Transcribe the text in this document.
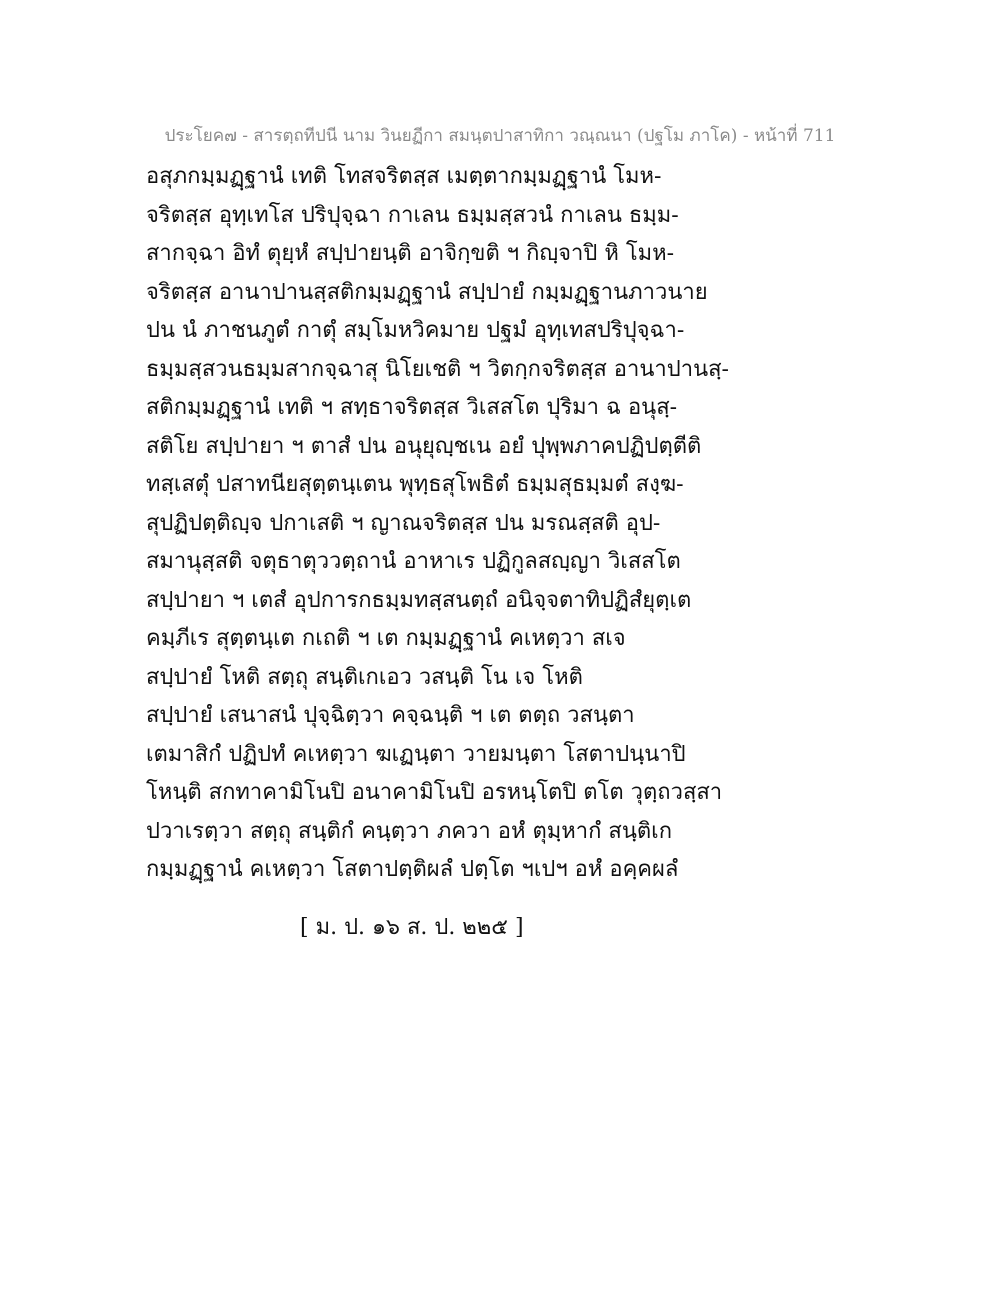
ประโยค๗ - สารตฺถทีปนี นาม วินยฏีกา สมนฺตปาสาทิกา วณฺณนา (ปฐโม ภาโค) - หน้าที่ 711
อสุภกมฺมฏฺฐานํ เทติ โทสจริตสฺส เมตฺตากมฺมฏฺฐานํ โมห-
จริตสฺส อุทฺเทโส ปริปุจฺฉา กาเลน ธมฺมสฺสวนํ กาเลน ธมฺม-
สากจฺฉา อิทํ ตุยฺหํ สปฺปายนฺติ อาจิกฺขติ ฯ กิญฺจาปิ หิ โมห-
จริตสฺส อานาปานสฺสติกมฺมฏฺฐานํ สปฺปายํ กมฺมฏฺฐานภาวนาย
ปน นํ ภาชนภูตํ กาตุํ สมฺโมหวิคมาย ปฐมํ อุทฺเทสปริปุจฺฉา-
ธมฺมสฺสวนธมฺมสากจฺฉาสุ นิโยเชติ ฯ วิตกฺกจริตสฺส อานาปานสฺ-
สติกมฺมฏฺฐานํ เทติ ฯ สทฺธาจริตสฺส วิเสสโต ปุริมา ฉ อนุสฺ-
สติโย สปฺปายา ฯ ตาสํ ปน อนุยุญฺชเน อยํ ปุพฺพภาคปฏิปตฺตีติ
ทสฺเสตุํ ปสาทนียสุตฺตนฺเตน พุทฺธสุโพธิตํ ธมฺมสุธมฺมตํ สงฺฆ-
สุปฏิปตฺติญฺจ ปกาเสติ ฯ ญาณจริตสฺส ปน มรณสฺสติ อุป-
สมานุสฺสติ จตุธาตุววตฺถานํ อาหาเร ปฏิกูลสญฺญา วิเสสโต
สปฺปายา ฯ เตสํ อุปการกธมฺมทสฺสนตฺถํ อนิจฺจตาทิปฏิสํยุตฺเต
คมฺภีเร สุตฺตนฺเต กเถติ ฯ เต กมฺมฏฺฐานํ คเหตฺวา สเจ
สปฺปายํ โหติ สตฺถุ สนฺติเกเอว วสนฺติ โน เจ โหติ
สปฺปายํ เสนาสนํ ปุจฺฉิตฺวา คจฺฉนฺติ ฯ เต ตตฺถ วสนฺตา
เตมาสิกํ ปฏิปทํ คเหตฺวา ฆเฏนฺตา วายมนฺตา โสตาปนฺนาปิ
โหนฺติ สกทาคามิโนปิ อนาคามิโนปิ อรหนฺโตปิ ตโต วุตฺถวสฺสา
ปวาเรตฺวา สตฺถุ สนฺติกํ คนฺตฺวา ภควา อหํ ตุมฺหากํ สนฺติเก
กมฺมฏฺฐานํ คเหตฺวา โสตาปตฺติผลํ ปตฺโต ฯเปฯ อหํ อคฺคผลํ
[ ม. ป. ๑๖ ส. ป. ๒๒๕ ]
